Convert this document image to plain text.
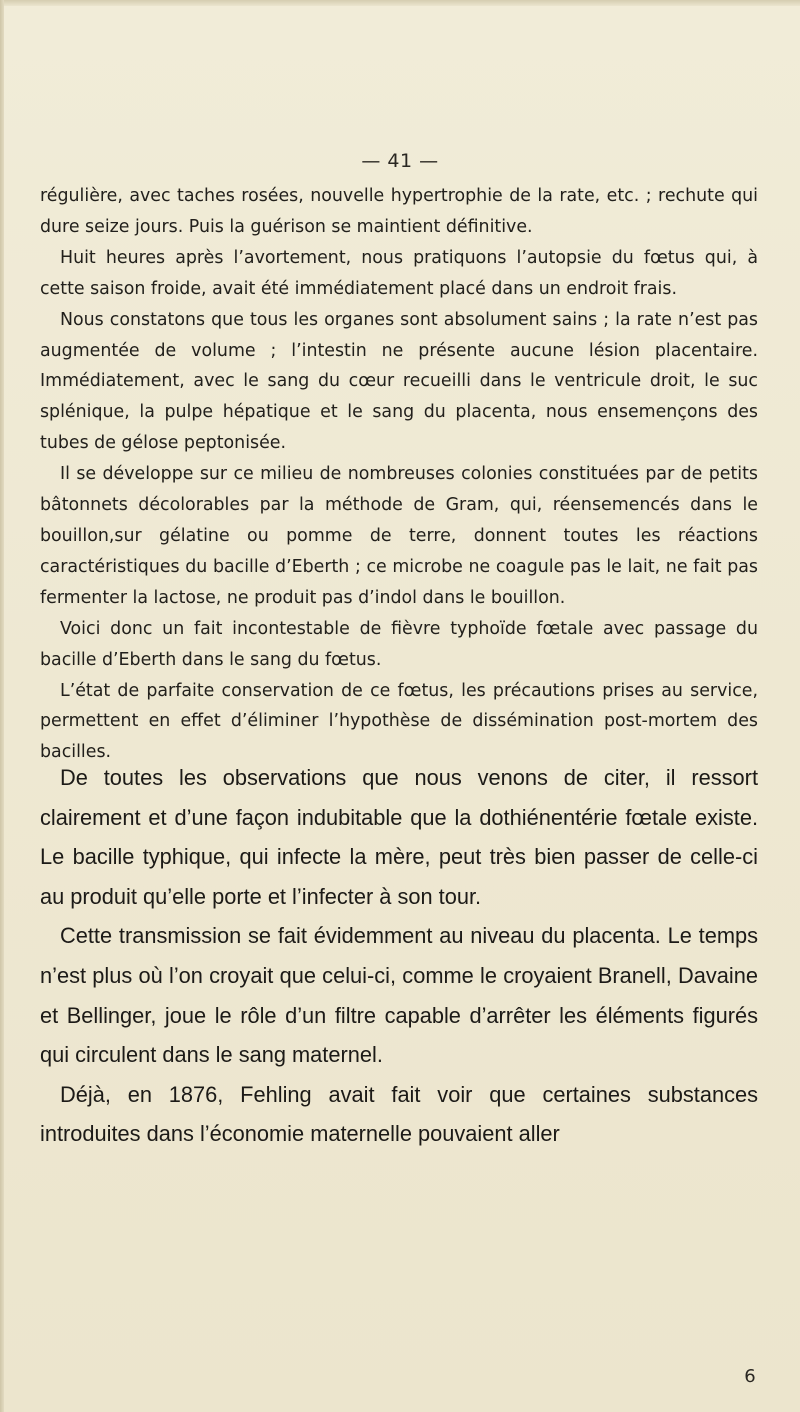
— 41 —

régulière, avec taches rosées, nouvelle hypertrophie de la rate, etc. ; rechute qui dure seize jours. Puis la guérison se maintient définitive.

Huit heures après l’avortement, nous pratiquons l’autopsie du fœtus qui, à cette saison froide, avait été immédiatement placé dans un endroit frais.

Nous constatons que tous les organes sont absolument sains ; la rate n’est pas augmentée de volume ; l’intestin ne présente aucune lésion placentaire. Immédiatement, avec le sang du cœur recueilli dans le ventricule droit, le suc splénique, la pulpe hépatique et le sang du placenta, nous ensemençons des tubes de gélose peptonisée.

Il se développe sur ce milieu de nombreuses colonies constituées par de petits bâtonnets décolorables par la méthode de Gram, qui, réensemencés dans le bouillon,sur gélatine ou pomme de terre, donnent toutes les réactions caractéristiques du bacille d’Eberth ; ce microbe ne coagule pas le lait, ne fait pas fermenter la lactose, ne produit pas d’indol dans le bouillon.

Voici donc un fait incontestable de fièvre typhoïde fœtale avec passage du bacille d’Eberth dans le sang du fœtus.

L’état de parfaite conservation de ce fœtus, les précautions prises au service, permettent en effet d’éliminer l’hypothèse de dissémination post-mortem des bacilles.

De toutes les observations que nous venons de citer, il ressort clairement et d’une façon indubitable que la dothiénentérie fœtale existe. Le bacille typhique, qui infecte la mère, peut très bien passer de celle-ci au produit qu’elle porte et l’infecter à son tour.

Cette transmission se fait évidemment au niveau du placenta. Le temps n’est plus où l’on croyait que celui-ci, comme le croyaient Branell, Davaine et Bellinger, joue le rôle d’un filtre capable d’arrêter les éléments figurés qui circulent dans le sang maternel.

Déjà, en 1876, Fehling avait fait voir que certaines substances introduites dans l’économie maternelle pouvaient aller

6
